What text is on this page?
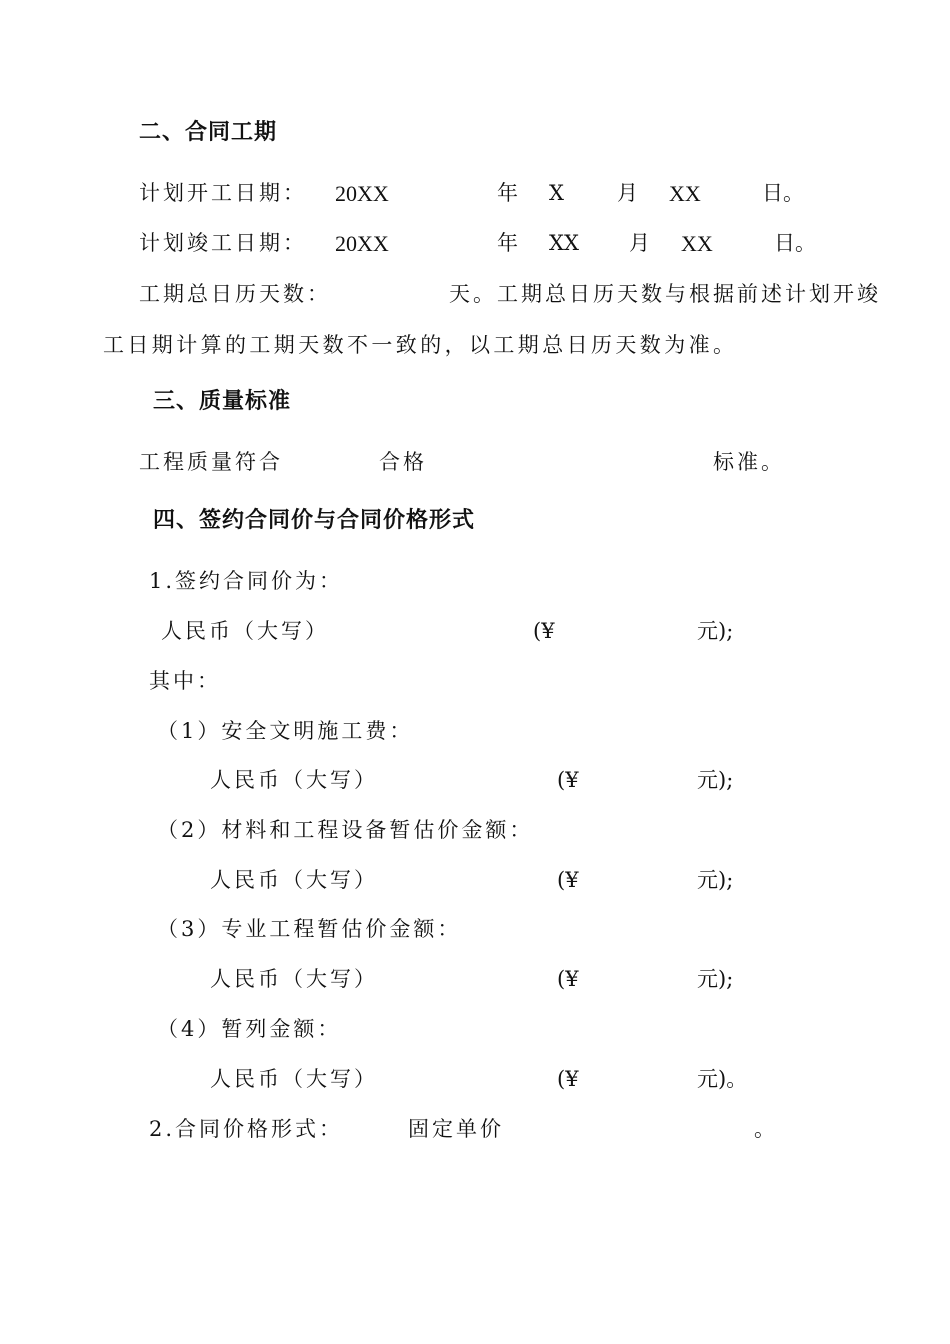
二、合同工期
计划开工日期： 20XX	年 X	月 XX	日。
计划竣工日期： 20XX	年 XX 月 XX	日。
工期总日历天数：	天。工期总日历天数与根据前述计划开竣
工日期计算的工期天数不一致的，以工期总日历天数为准。
三、质量标准
工程质量符合	合格	标准。
四、签约合同价与合同价格形式
1.签约合同价为：
人民币（大写）	(¥	元);
其中：
（1）安全文明施工费：
人民币（大写）	(¥	元);
（2）材料和工程设备暂估价金额：
人民币（大写）	(¥	元);
（3）专业工程暂估价金额：
人民币（大写）	(¥	元);
（4）暂列金额：
人民币（大写）	(¥	元)。
2.合同价格形式：	固定单价	。
